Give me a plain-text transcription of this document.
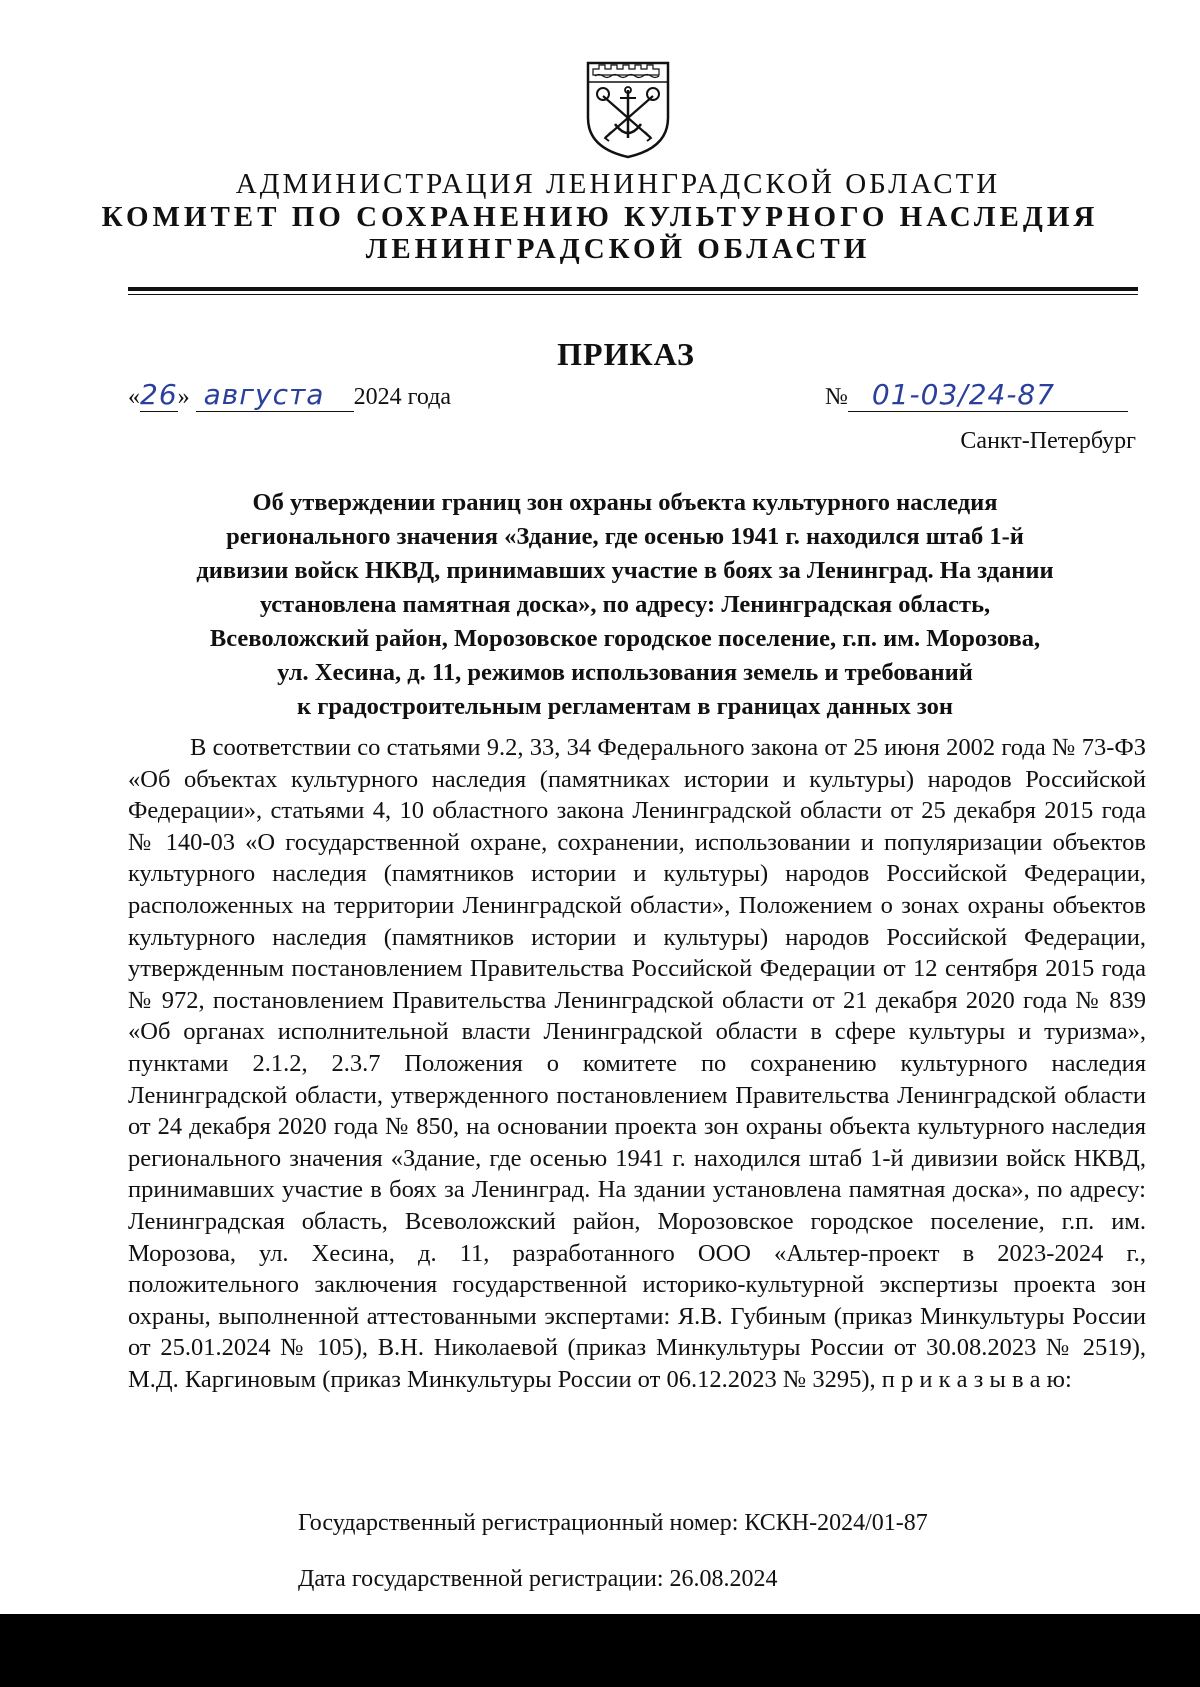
АДМИНИСТРАЦИЯ ЛЕНИНГРАДСКОЙ ОБЛАСТИ
КОМИТЕТ ПО СОХРАНЕНИЮ КУЛЬТУРНОГО НАСЛЕДИЯ
ЛЕНИНГРАДСКОЙ ОБЛАСТИ
ПРИКАЗ
«26» августа 2024 года	№ 01-03/24-87
Санкт-Петербург
Об утверждении границ зон охраны объекта культурного наследия
регионального значения «Здание, где осенью 1941 г. находился штаб 1-й
дивизии войск НКВД, принимавших участие в боях за Ленинград. На здании
установлена памятная доска», по адресу: Ленинградская область,
Всеволожский район, Морозовское городское поселение, г.п. им. Морозова,
ул. Хесина, д. 11, режимов использования земель и требований
к градостроительным регламентам в границах данных зон
В соответствии со статьями 9.2, 33, 34 Федерального закона от 25 июня 2002 года № 73-ФЗ «Об объектах культурного наследия (памятниках истории и культуры) народов Российской Федерации», статьями 4, 10 областного закона Ленинградской области от 25 декабря 2015 года № 140-03 «О государственной охране, сохранении, использовании и популяризации объектов культурного наследия (памятников истории и культуры) народов Российской Федерации, расположенных на территории Ленинградской области», Положением о зонах охраны объектов культурного наследия (памятников истории и культуры) народов Российской Федерации, утвержденным постановлением Правительства Российской Федерации от 12 сентября 2015 года № 972, постановлением Правительства Ленинградской области от 21 декабря 2020 года № 839 «Об органах исполнительной власти Ленинградской области в сфере культуры и туризма», пунктами 2.1.2, 2.3.7 Положения о комитете по сохранению культурного наследия Ленинградской области, утвержденного постановлением Правительства Ленинградской области от 24 декабря 2020 года № 850, на основании проекта зон охраны объекта культурного наследия регионального значения «Здание, где осенью 1941 г. находился штаб 1-й дивизии войск НКВД, принимавших участие в боях за Ленинград. На здании установлена памятная доска», по адресу: Ленинградская область, Всеволожский район, Морозовское городское поселение, г.п. им. Морозова, ул. Хесина, д. 11, разработанного ООО «Альтер-проект в 2023-2024 г., положительного заключения государственной историко-культурной экспертизы проекта зон охраны, выполненной аттестованными экспертами: Я.В. Губиным (приказ Минкультуры России от 25.01.2024 № 105), В.Н. Николаевой (приказ Минкультуры России от 30.08.2023 № 2519), М.Д. Каргиновым (приказ Минкультуры России от 06.12.2023 № 3295), п р и к а з ы в а ю:
Государственный регистрационный номер: КСКН-2024/01-87
Дата государственной регистрации: 26.08.2024
